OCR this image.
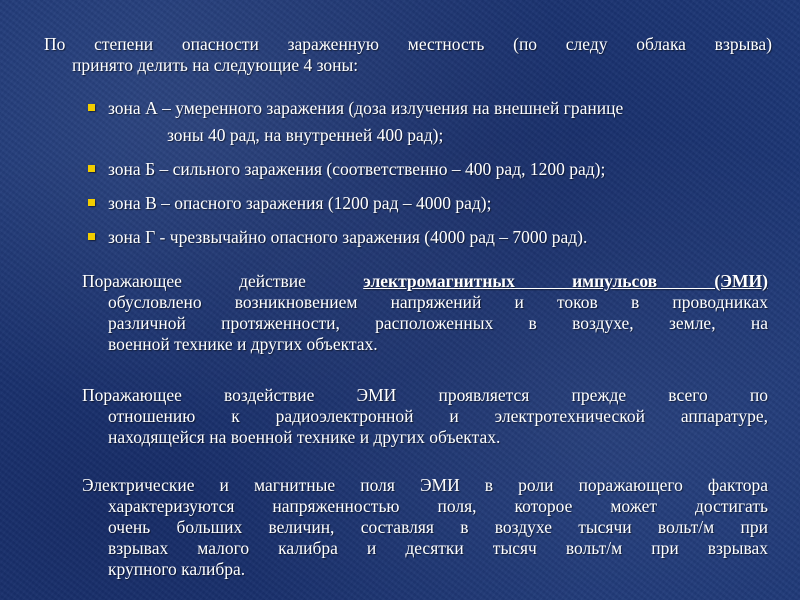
По степени опасности зараженную местность (по следу облака взрыва)
принято делить на следующие 4 зоны:
зона А – умеренного заражения (доза излучения на внешней границе
зоны 40 рад, на внутренней 400 рад);
зона Б – сильного заражения (соответственно – 400 рад, 1200 рад);
зона В – опасного заражения (1200 рад – 4000 рад);
зона Г - чрезвычайно опасного заражения (4000 рад – 7000 рад).
Поражающее действие	электромагнитных импульсов (ЭМИ)
обусловлено возникновением напряжений и токов в проводниках
различной протяженности, расположенных в воздухе, земле, на
военной технике и других объектах.
Поражающее воздействие ЭМИ проявляется прежде всего по
отношению к радиоэлектронной и электротехнической аппаратуре,
находящейся на военной технике и других объектах.
Электрические и магнитные поля ЭМИ в роли поражающего фактора
характеризуются напряженностью поля, которое может достигать
очень больших величин, составляя в воздухе тысячи вольт/м при
взрывах малого калибра и десятки тысяч вольт/м при взрывах
крупного калибра.
